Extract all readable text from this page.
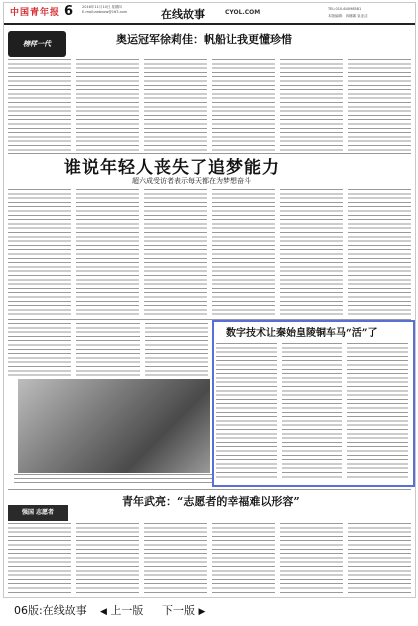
中国青年报 6	2016年11月10日 星期四
E-mail:zwbnow@163.com	在线故事	CYOL.COM	TEL:010-64098581
本版编辑：冉娜娜 皇亚洁
榜样一代	奥运冠军徐莉佳：帆船让我更懂珍惜
谁说年轻人丧失了追梦能力
超六成受访者表示每天都在为梦想奋斗
数字技术让秦始皇陵铜车马“活”了
青年武亮：“志愿者的幸福难以形容”
强国 志愿者
06版:在线故事 ◀ 上一版 下一版 ▶
